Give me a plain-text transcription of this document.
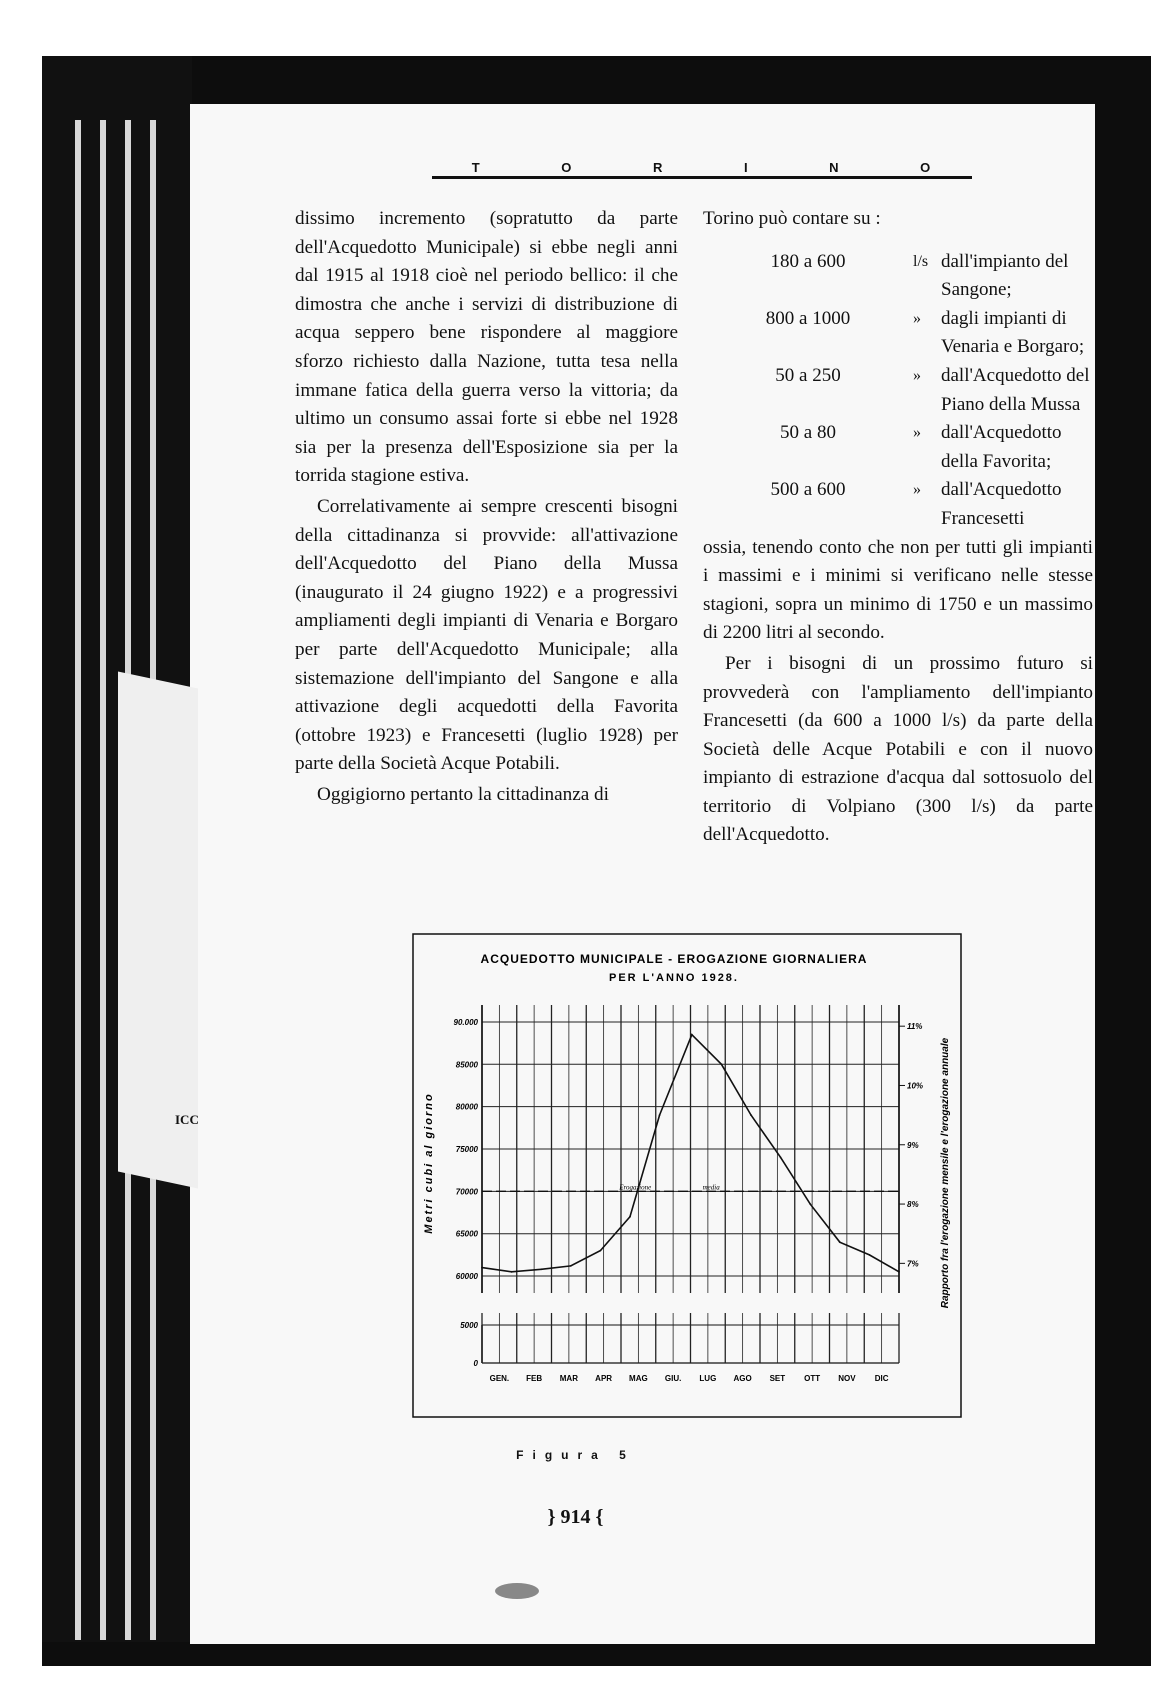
ICC
T	O	R	I	N	O

dissimo incremento (sopratutto da parte dell'Acquedotto Municipale) si ebbe negli anni dal 1915 al 1918 cioè nel periodo bellico: il che dimostra che anche i servizi di distribuzione di acqua seppero bene rispondere al maggiore sforzo richiesto dalla Nazione, tutta tesa nella immane fatica della guerra verso la vittoria; da ultimo un consumo assai forte si ebbe nel 1928 sia per la presenza dell'Esposizione sia per la torrida stagione estiva.

Correlativamente ai sempre crescenti bisogni della cittadinanza si provvide: all'attivazione dell'Acquedotto del Piano della Mussa (inaugurato il 24 giugno 1922) e a progressivi ampliamenti degli impianti di Venaria e Borgaro per parte dell'Acquedotto Municipale; alla sistemazione dell'impianto del Sangone e alla attivazione degli acquedotti della Favorita (ottobre 1923) e Francesetti (luglio 1928) per parte della Società Acque Potabili.

Oggigiorno pertanto la cittadinanza di

Torino può contare su :

180 a 600	l/s	dall'impianto del Sangone;
800 a 1000	»	dagli impianti di Venaria e Borgaro;
50 a 250	»	dall'Acquedotto del Piano della Mussa
50 a 80	»	dall'Acquedotto della Favorita;
500 a 600	»	dall'Acquedotto Francesetti

ossia, tenendo conto che non per tutti gli impianti i massimi e i minimi si verificano nelle stesse stagioni, sopra un minimo di 1750 e un massimo di 2200 litri al secondo.

Per i bisogni di un prossimo futuro si provvederà con l'ampliamento dell'impianto Francesetti (da 600 a 1000 l/s) da parte della Società delle Acque Potabili e con il nuovo impianto di estrazione d'acqua dal sottosuolo del territorio di Volpiano (300 l/s) da parte dell'Acquedotto.

ACQUEDOTTO MUNICIPALE - EROGAZIONE GIORNALIERA
PER L'ANNO 1928.
90.000
85000
80000
75000
70000
65000
60000
5000
0
GEN. FEB MAR APR MAG GIU. LUG AGO SET OTT NOV DIC
11%
10%
9%
8%
7%
Erogazione	media
Metri cubi al giorno	Rapporto fra l'erogazione mensile e l'erogazione annuale
Figura 5
} 914 {
